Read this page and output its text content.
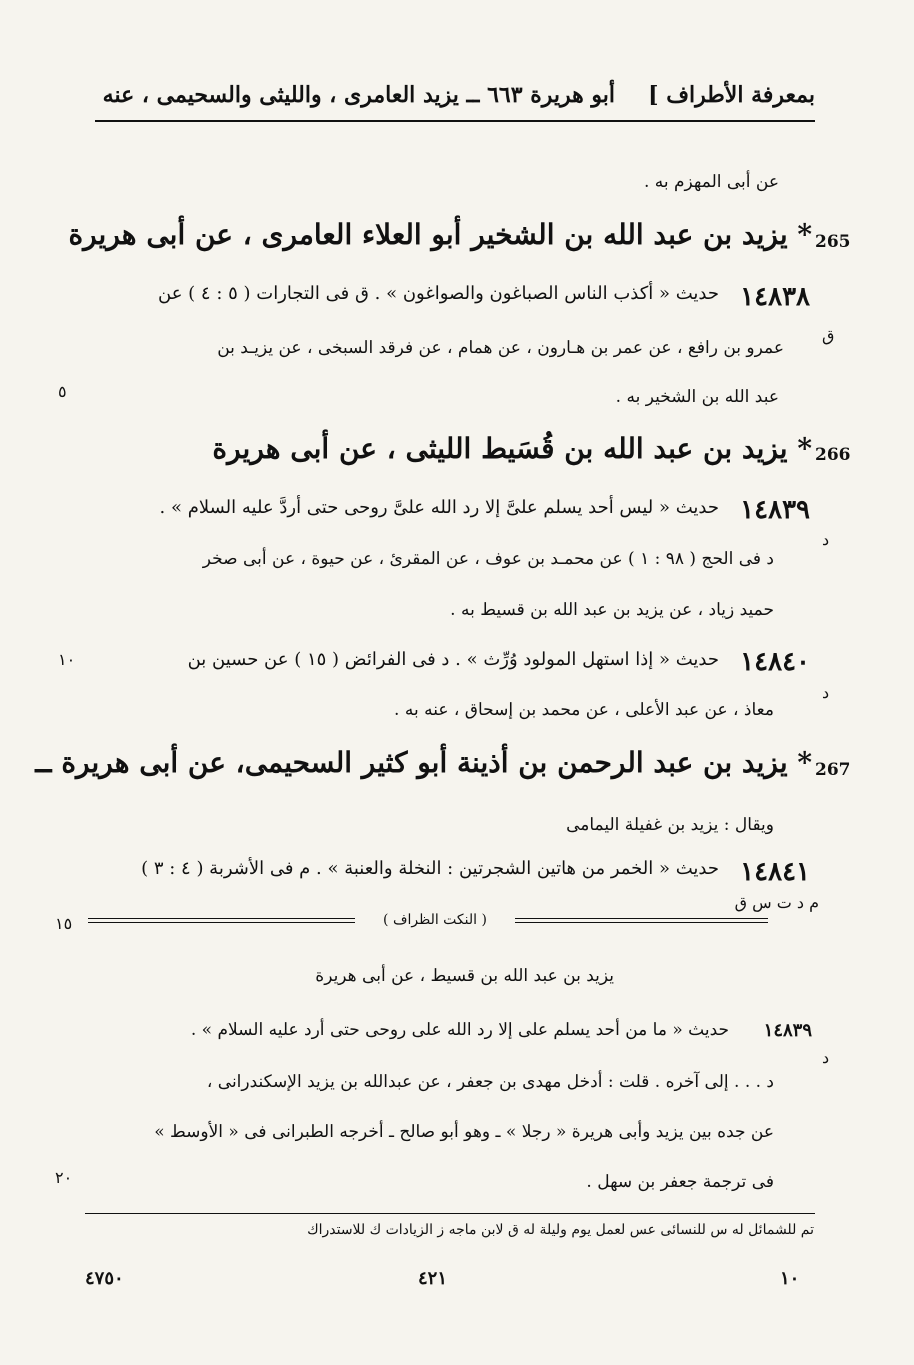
بمعرفة الأطراف ]
أبو هريرة ٦٦٣ ــ يزيد العامرى ، والليثى والسحيمى ، عنه
عن أبى المهزم به .
265
* يزيد بن عبد الله بن الشخير أبو العلاء العامرى ، عن أبى هريرة
١٤٨٣٨
حديث « أكذب الناس الصباغون والصواغون » . ق فى التجارات ( ٥ : ٤ ) عن
ق
عمرو بن رافع ، عن عمر بن هـارون ، عن همام ، عن فرقد السبخى ، عن يزيـد بن
عبد الله بن الشخير به .
٥
266
* يزيد بن عبد الله بن قُسَيط الليثى ، عن أبى هريرة
١٤٨٣٩
حديث « ليس أحد يسلم علىَّ إلا رد الله علىَّ روحى حتى أردَّ عليه السلام » .
د
د فى الحج ( ٩٨ : ١ ) عن محمـد بن عوف ، عن المقرئ ، عن حيوة ، عن أبى صخر
حميد زياد ، عن يزيد بن عبد الله بن قسيط به .
١٤٨٤٠
حديث « إذا استهل المولود وُرِّث » . د فى الفرائض ( ١٥ ) عن حسين بن
١٠
د
معاذ ، عن عبد الأعلى ، عن محمد بن إسحاق ، عنه به .
267
* يزيد بن عبد الرحمن بن أذينة أبو كثير السحيمى، عن أبى هريرة ــ
ويقال : يزيد بن غفيلة اليمامى
١٤٨٤١
حديث « الخمر من هاتين الشجرتين : النخلة والعنبة » . م فى الأشربة ( ٤ : ٣ )
م د ت س ق
( النكت الظراف )
١٥
يزيد بن عبد الله بن قسيط ، عن أبى هريرة
١٤٨٣٩
حديث « ما من أحد يسلم على إلا رد الله على روحى حتى أرد عليه السلام » .
د
د . . . إلى آخره . قلت : أدخل مهدى بن جعفر ، عن عبدالله بن يزيد الإسكندرانى ،
عن جده بين يزيد وأبى هريرة « رجلا » ـ وهو أبو صالح ـ أخرجه الطبرانى فى « الأوسط »
فى ترجمة جعفر بن سهل .
٢٠
تم للشمائل له س للنسائى عس لعمل يوم وليلة له ق لابن ماجه ز الزيادات ك للاستدراك
١٠
٤٢١
٤٧٥٠
